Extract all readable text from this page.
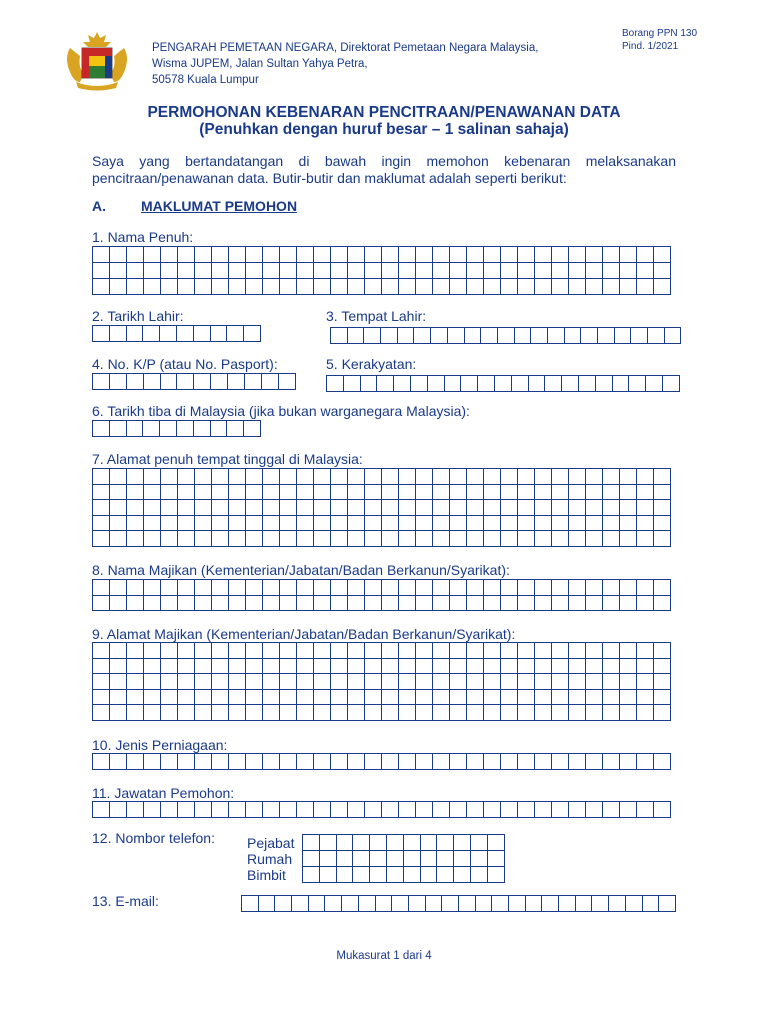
PENGARAH PEMETAAN NEGARA, Direktorat Pemetaan Negara Malaysia,
Wisma JUPEM, Jalan Sultan Yahya Petra,
50578 Kuala Lumpur
Borang PPN 130
Pind. 1/2021
PERMOHONAN KEBENARAN PENCITRAAN/PENAWANAN DATA
(Penuhkan dengan huruf besar – 1 salinan sahaja)
Saya yang bertandatangan di bawah ingin memohon kebenaran melaksanakan pencitraan/penawanan data. Butir-butir dan maklumat adalah seperti berikut:
A.	MAKLUMAT PEMOHON
1. Nama Penuh:
2. Tarikh Lahir:	3. Tempat Lahir:
4. No. K/P (atau No. Pasport):	5. Kerakyatan:
6. Tarikh tiba di Malaysia (jika bukan warganegara Malaysia):
7. Alamat penuh tempat tinggal di Malaysia:
8. Nama Majikan (Kementerian/Jabatan/Badan Berkanun/Syarikat):
9. Alamat Majikan (Kementerian/Jabatan/Badan Berkanun/Syarikat):
10. Jenis Perniagaan:
11. Jawatan Pemohon:
12. Nombor telefon: Pejabat
Rumah
Bimbit
13. E-mail:

Mukasurat 1 dari 4
